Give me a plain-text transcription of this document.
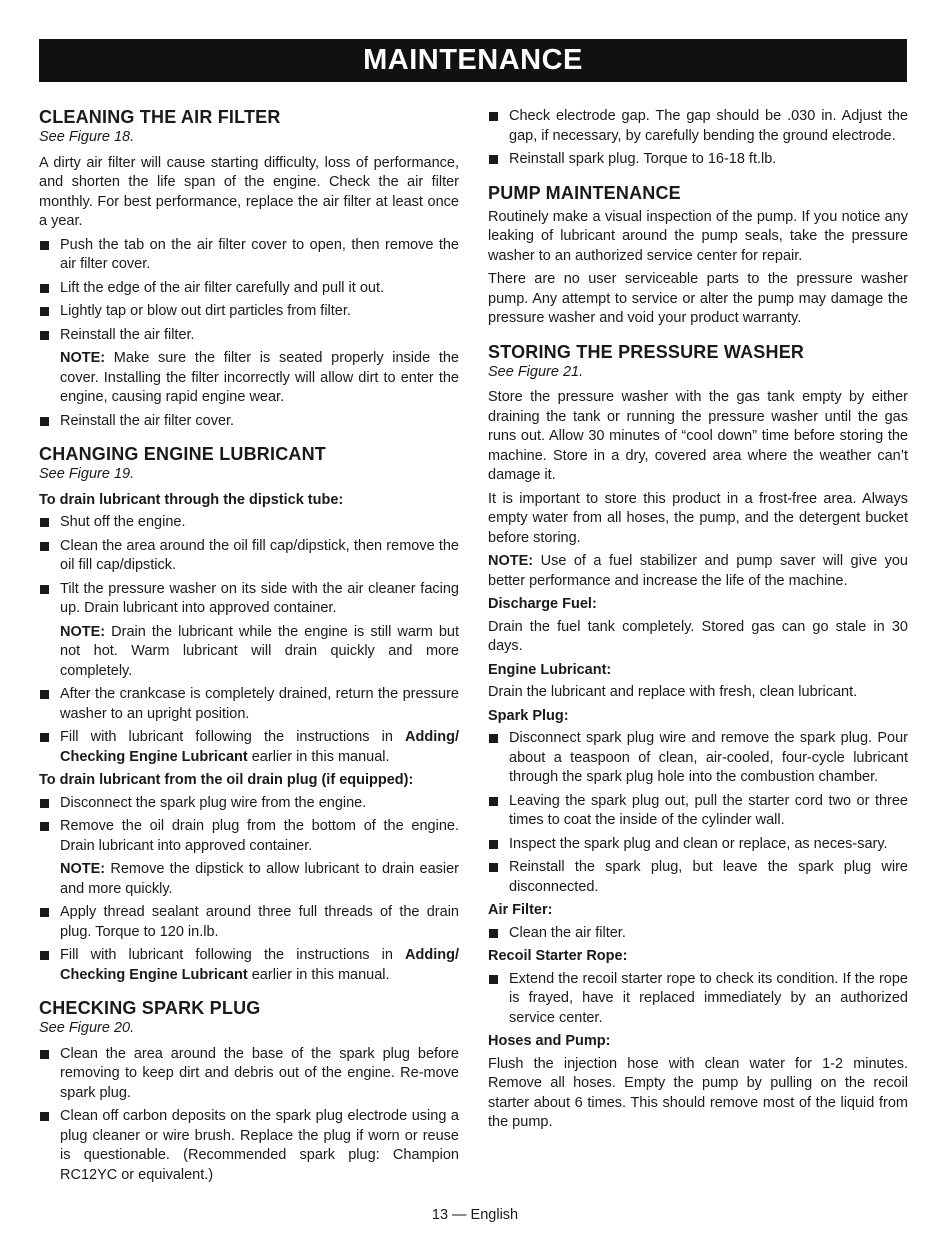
MAINTENANCE
CLEANING THE AIR FILTER
See Figure 18.

A dirty air filter will cause starting difficulty, loss of performance, and shorten the life span of the engine. Check the air filter monthly. For best performance, replace the air filter at least once a year.

Push the tab on the air filter cover to open, then remove the air filter cover.
Lift the edge of the air filter carefully and pull it out.
Lightly tap or blow out dirt particles from filter.
Reinstall the air filter.
NOTE: Make sure the filter is seated properly inside the cover. Installing the filter incorrectly will allow dirt to enter the engine, causing rapid engine wear.
Reinstall the air filter cover.
CHANGING ENGINE LUBRICANT
See Figure 19.
To drain lubricant through the dipstick tube:
Shut off the engine.
Clean the area around the oil fill cap/dipstick, then remove the oil fill cap/dipstick.
Tilt the pressure washer on its side with the air cleaner facing up. Drain lubricant into approved container.
NOTE: Drain the lubricant while the engine is still warm but not hot. Warm lubricant will drain quickly and more completely.
After the crankcase is completely drained, return the pressure washer to an upright position.
Fill with lubricant following the instructions in Adding/ Checking Engine Lubricant earlier in this manual.
To drain lubricant from the oil drain plug (if equipped):
Disconnect the spark plug wire from the engine.
Remove the oil drain plug from the bottom of the engine. Drain lubricant into approved container.
NOTE: Remove the dipstick to allow lubricant to drain easier and more quickly.
Apply thread sealant around three full threads of the drain plug. Torque to 120 in.lb.
Fill with lubricant following the instructions in Adding/ Checking Engine Lubricant earlier in this manual.
CHECKING SPARK PLUG
See Figure 20.
Clean the area around the base of the spark plug before removing to keep dirt and debris out of the engine. Re-move spark plug.
Clean off carbon deposits on the spark plug electrode using a plug cleaner or wire brush. Replace the plug if worn or reuse is questionable. (Recommended spark plug: Champion RC12YC or equivalent.)
Check electrode gap. The gap should be .030 in. Adjust the gap, if necessary, by carefully bending the ground electrode.
Reinstall spark plug. Torque to 16-18 ft.lb.
PUMP MAINTENANCE

Routinely make a visual inspection of the pump. If you notice any leaking of lubricant around the pump seals, take the pressure washer to an authorized service center for repair.

There are no user serviceable parts to the pressure washer pump. Any attempt to service or alter the pump may damage the pressure washer and void your product warranty.

STORING THE PRESSURE WASHER
See Figure 21.

Store the pressure washer with the gas tank empty by either draining the tank or running the pressure washer until the gas runs out. Allow 30 minutes of “cool down” time before storing the machine. Store in a dry, covered area where the weather can’t damage it.

It is important to store this product in a frost-free area. Always empty water from all hoses, the pump, and the detergent bucket before storing.

NOTE: Use of a fuel stabilizer and pump saver will give you better performance and increase the life of the machine.

Discharge Fuel:

Drain the fuel tank completely. Stored gas can go stale in 30 days.

Engine Lubricant:

Drain the lubricant and replace with fresh, clean lubricant.

Spark Plug:
Disconnect spark plug wire and remove the spark plug. Pour about a teaspoon of clean, air-cooled, four-cycle lubricant through the spark plug hole into the combustion chamber.
Leaving the spark plug out, pull the starter cord two or three times to coat the inside of the cylinder wall.
Inspect the spark plug and clean or replace, as neces-sary.
Reinstall the spark plug, but leave the spark plug wire disconnected.
Air Filter:
Clean the air filter.
Recoil Starter Rope:
Extend the recoil starter rope to check its condition. If the rope is frayed, have it replaced immediately by an authorized service center.
Hoses and Pump:

Flush the injection hose with clean water for 1-2 minutes. Remove all hoses. Empty the pump by pulling on the recoil starter about 6 times. This should remove most of the liquid from the pump.

13 — English
